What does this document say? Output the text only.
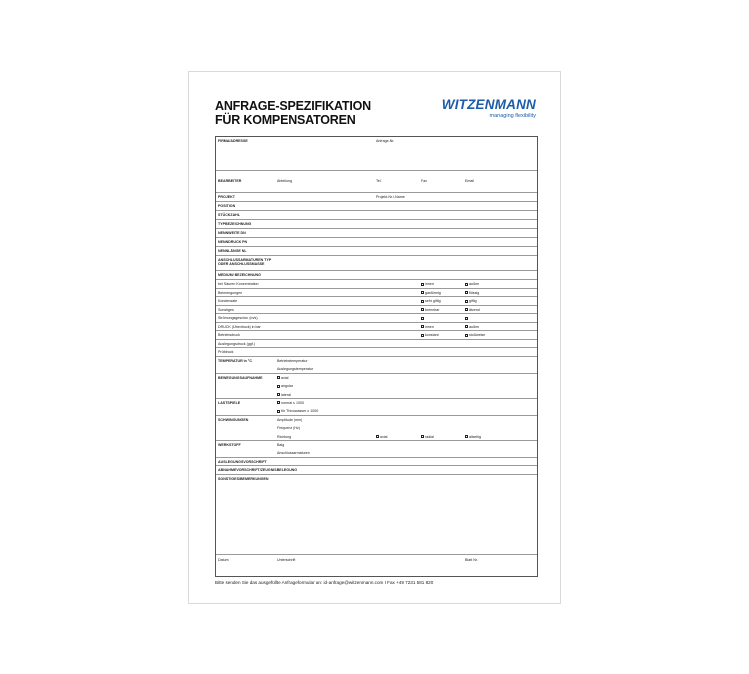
ANFRAGE-SPEZIFIKATION
FÜR KOMPENSATOREN
WITZENMANN
managing flexibility
FIRMA/ADRESSE	Anfrage-Nr.
BEARBEITER	Abteilung	Tel.	Fax	Email
PROJEKT	Projekt-Nr./-Name
POSITION
STÜCKZAHL
TYPBEZEICHNUNG
NENNWEITE DN
NENNDRUCK PN
NENNLÄNGE NL
ANSCHLUSSARMATUREN TYP
ODER ANSCHLUSSMASSE
MEDIUM/ BEZEICHNUNG
bei Säuren Konzentration	innen	außen
Beimengungen	gasförmig	flüssig
Kondensate	sehr giftig	giftig
Sonstiges	brennbar	ätzend
Strömungsgeschw. (m/s)
DRUCK (Überdruck) in bar	innen	außen
Betriebsdruck	konstant	stoßweise
Auslegungsdruck (ggf.)
Prüfdruck
TEMPERATUR in °C	Betriebstemperatur
Auslegungstemperatur
BEWEGUNGSAUFNAHME	axial
angular
lateral
LASTSPIELE	normal ≤ 1000
für Thixowasser ≥ 1000
SCHWINGUNGEN	Amplitude (mm)
Frequenz (Hz)
Richtung	axial	radial	allseitig
WERKSTOFF	Balg
Anschlussarmaturen
AUSLEGUNGSVORSCHRIFT
ABNAHMEVORSCHRIFT/ZEUGNISBELEGUNG
SONSTIGES/BEMERKUNGEN
Datum	Unterschrift	Blatt Nr.
Bitte senden Sie das ausgefüllte Anfrageformular an: id-anfrage@witzenmann.com I Fax +49 7231 581 820
